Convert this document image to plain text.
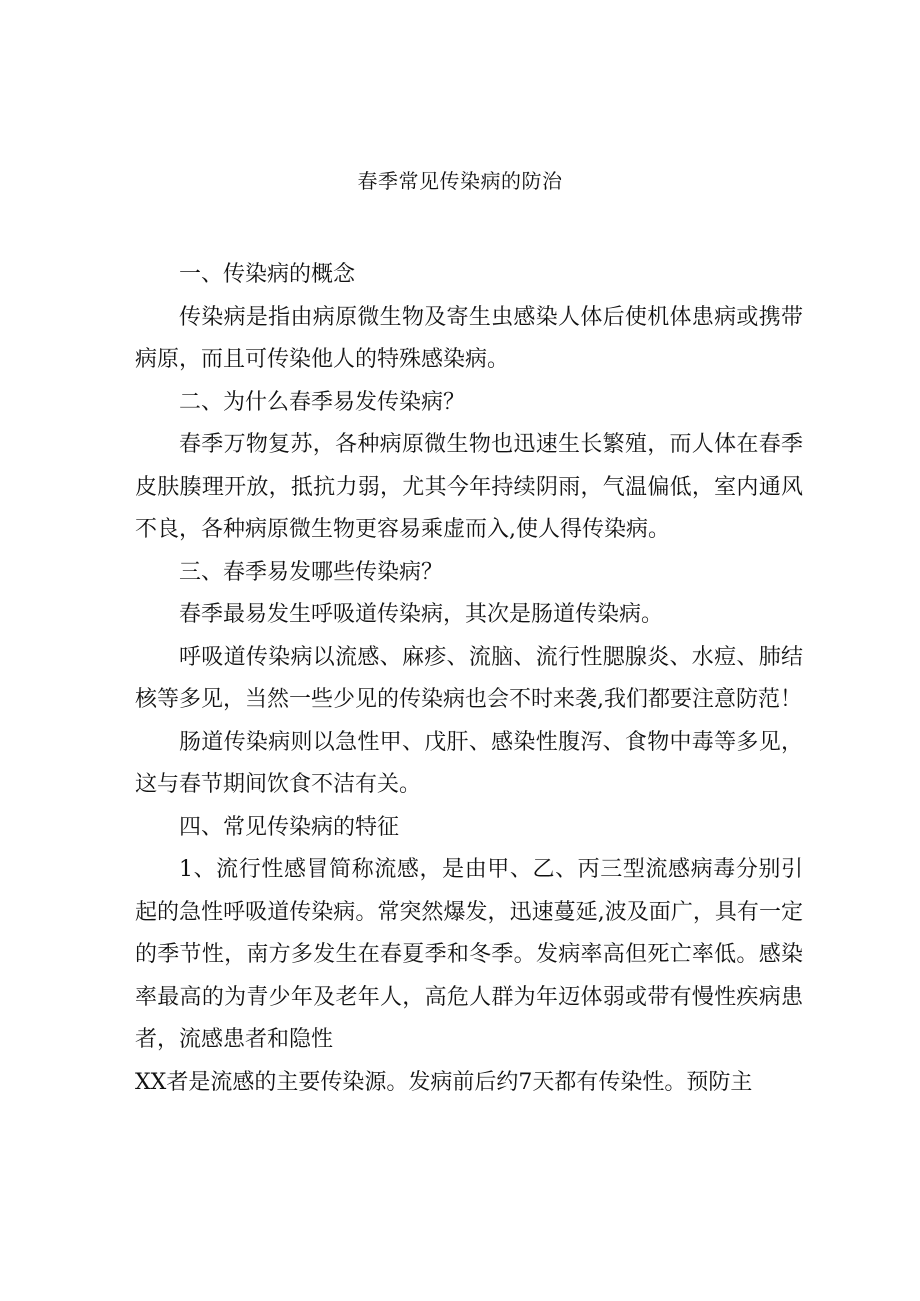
春季常见传染病的防治

一、传染病的概念

传染病是指由病原微生物及寄生虫感染人体后使机体患病或携带病原，而且可传染他人的特殊感染病。

二、为什么春季易发传染病？

春季万物复苏，各种病原微生物也迅速生长繁殖，而人体在春季皮肤腠理开放，抵抗力弱，尤其今年持续阴雨，气温偏低，室内通风不良，各种病原微生物更容易乘虚而入,使人得传染病。

三、春季易发哪些传染病？

春季最易发生呼吸道传染病，其次是肠道传染病。

呼吸道传染病以流感、麻疹、流脑、流行性腮腺炎、水痘、肺结核等多见，当然一些少见的传染病也会不时来袭,我们都要注意防范！

肠道传染病则以急性甲、戊肝、感染性腹泻、食物中毒等多见，这与春节期间饮食不洁有关。

四、常见传染病的特征

1、流行性感冒简称流感，是由甲、乙、丙三型流感病毒分别引起的急性呼吸道传染病。常突然爆发，迅速蔓延,波及面广，具有一定的季节性，南方多发生在春夏季和冬季。发病率高但死亡率低。感染率最高的为青少年及老年人，高危人群为年迈体弱或带有慢性疾病患者，流感患者和隐性

XX者是流感的主要传染源。发病前后约7天都有传染性。预防主
